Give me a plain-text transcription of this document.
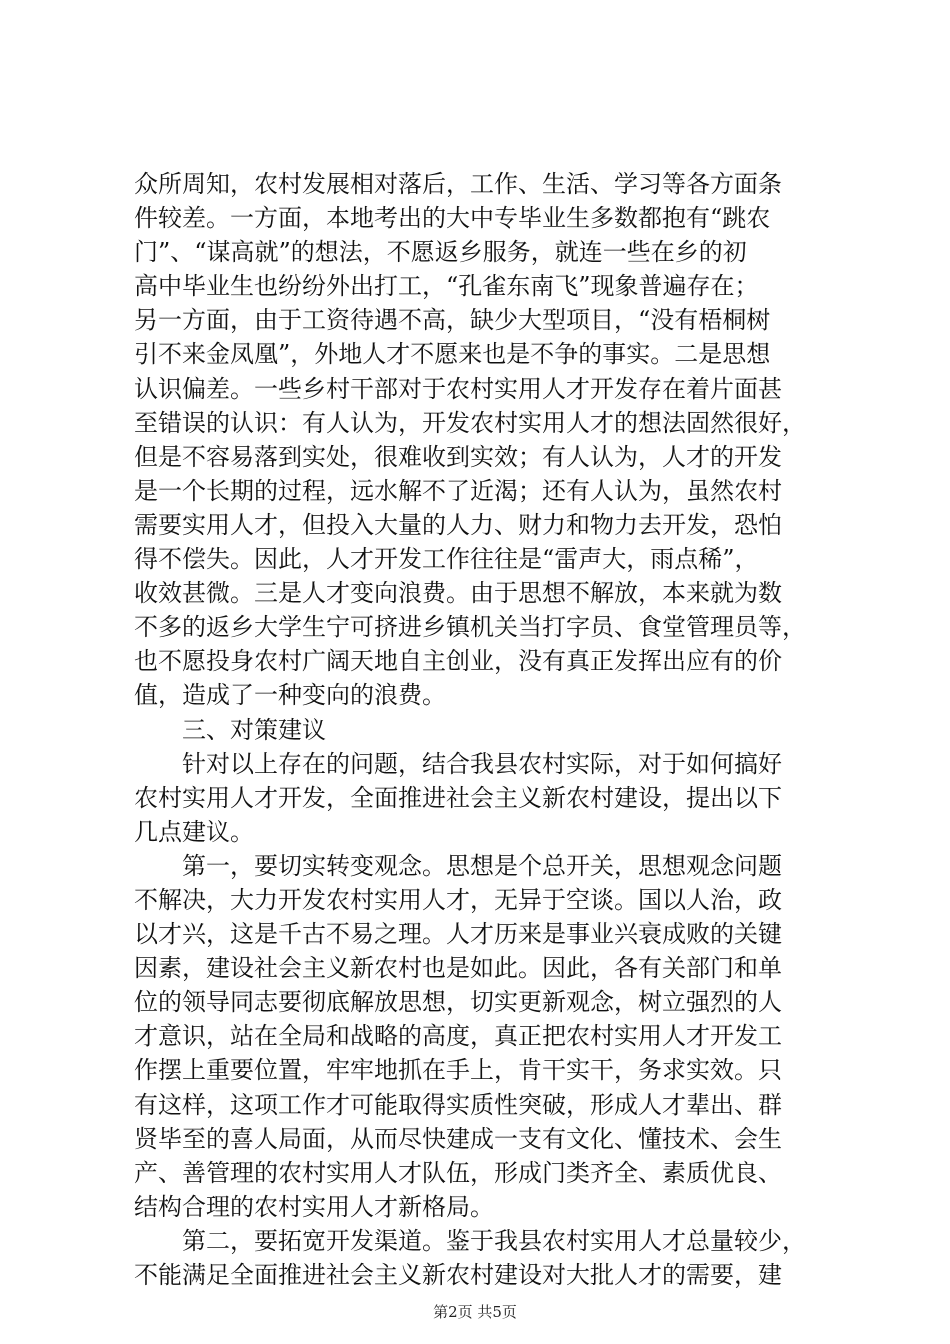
众所周知，农村发展相对落后，工作、生活、学习等各方面条
件较差。一方面，本地考出的大中专毕业生多数都抱有“跳农
门”、“谋高就”的想法，不愿返乡服务，就连一些在乡的初
高中毕业生也纷纷外出打工，“孔雀东南飞”现象普遍存在；
另一方面，由于工资待遇不高，缺少大型项目，“没有梧桐树
引不来金凤凰”，外地人才不愿来也是不争的事实。二是思想
认识偏差。一些乡村干部对于农村实用人才开发存在着片面甚
至错误的认识：有人认为，开发农村实用人才的想法固然很好，
但是不容易落到实处，很难收到实效；有人认为，人才的开发
是一个长期的过程，远水解不了近渴；还有人认为，虽然农村
需要实用人才，但投入大量的人力、财力和物力去开发，恐怕
得不偿失。因此，人才开发工作往往是“雷声大，雨点稀”，
收效甚微。三是人才变向浪费。由于思想不解放，本来就为数
不多的返乡大学生宁可挤进乡镇机关当打字员、食堂管理员等，
也不愿投身农村广阔天地自主创业，没有真正发挥出应有的价
值，造成了一种变向的浪费。
　　三、对策建议
　　针对以上存在的问题，结合我县农村实际，对于如何搞好
农村实用人才开发，全面推进社会主义新农村建设，提出以下
几点建议。
　　第一，要切实转变观念。思想是个总开关，思想观念问题
不解决，大力开发农村实用人才，无异于空谈。国以人治，政
以才兴，这是千古不易之理。人才历来是事业兴衰成败的关键
因素，建设社会主义新农村也是如此。因此，各有关部门和单
位的领导同志要彻底解放思想，切实更新观念，树立强烈的人
才意识，站在全局和战略的高度，真正把农村实用人才开发工
作摆上重要位置，牢牢地抓在手上，肯干实干，务求实效。只
有这样，这项工作才可能取得实质性突破，形成人才辈出、群
贤毕至的喜人局面，从而尽快建成一支有文化、懂技术、会生
产、善管理的农村实用人才队伍，形成门类齐全、素质优良、
结构合理的农村实用人才新格局。
　　第二，要拓宽开发渠道。鉴于我县农村实用人才总量较少，
不能满足全面推进社会主义新农村建设对大批人才的需要，建
第2页 共5页
